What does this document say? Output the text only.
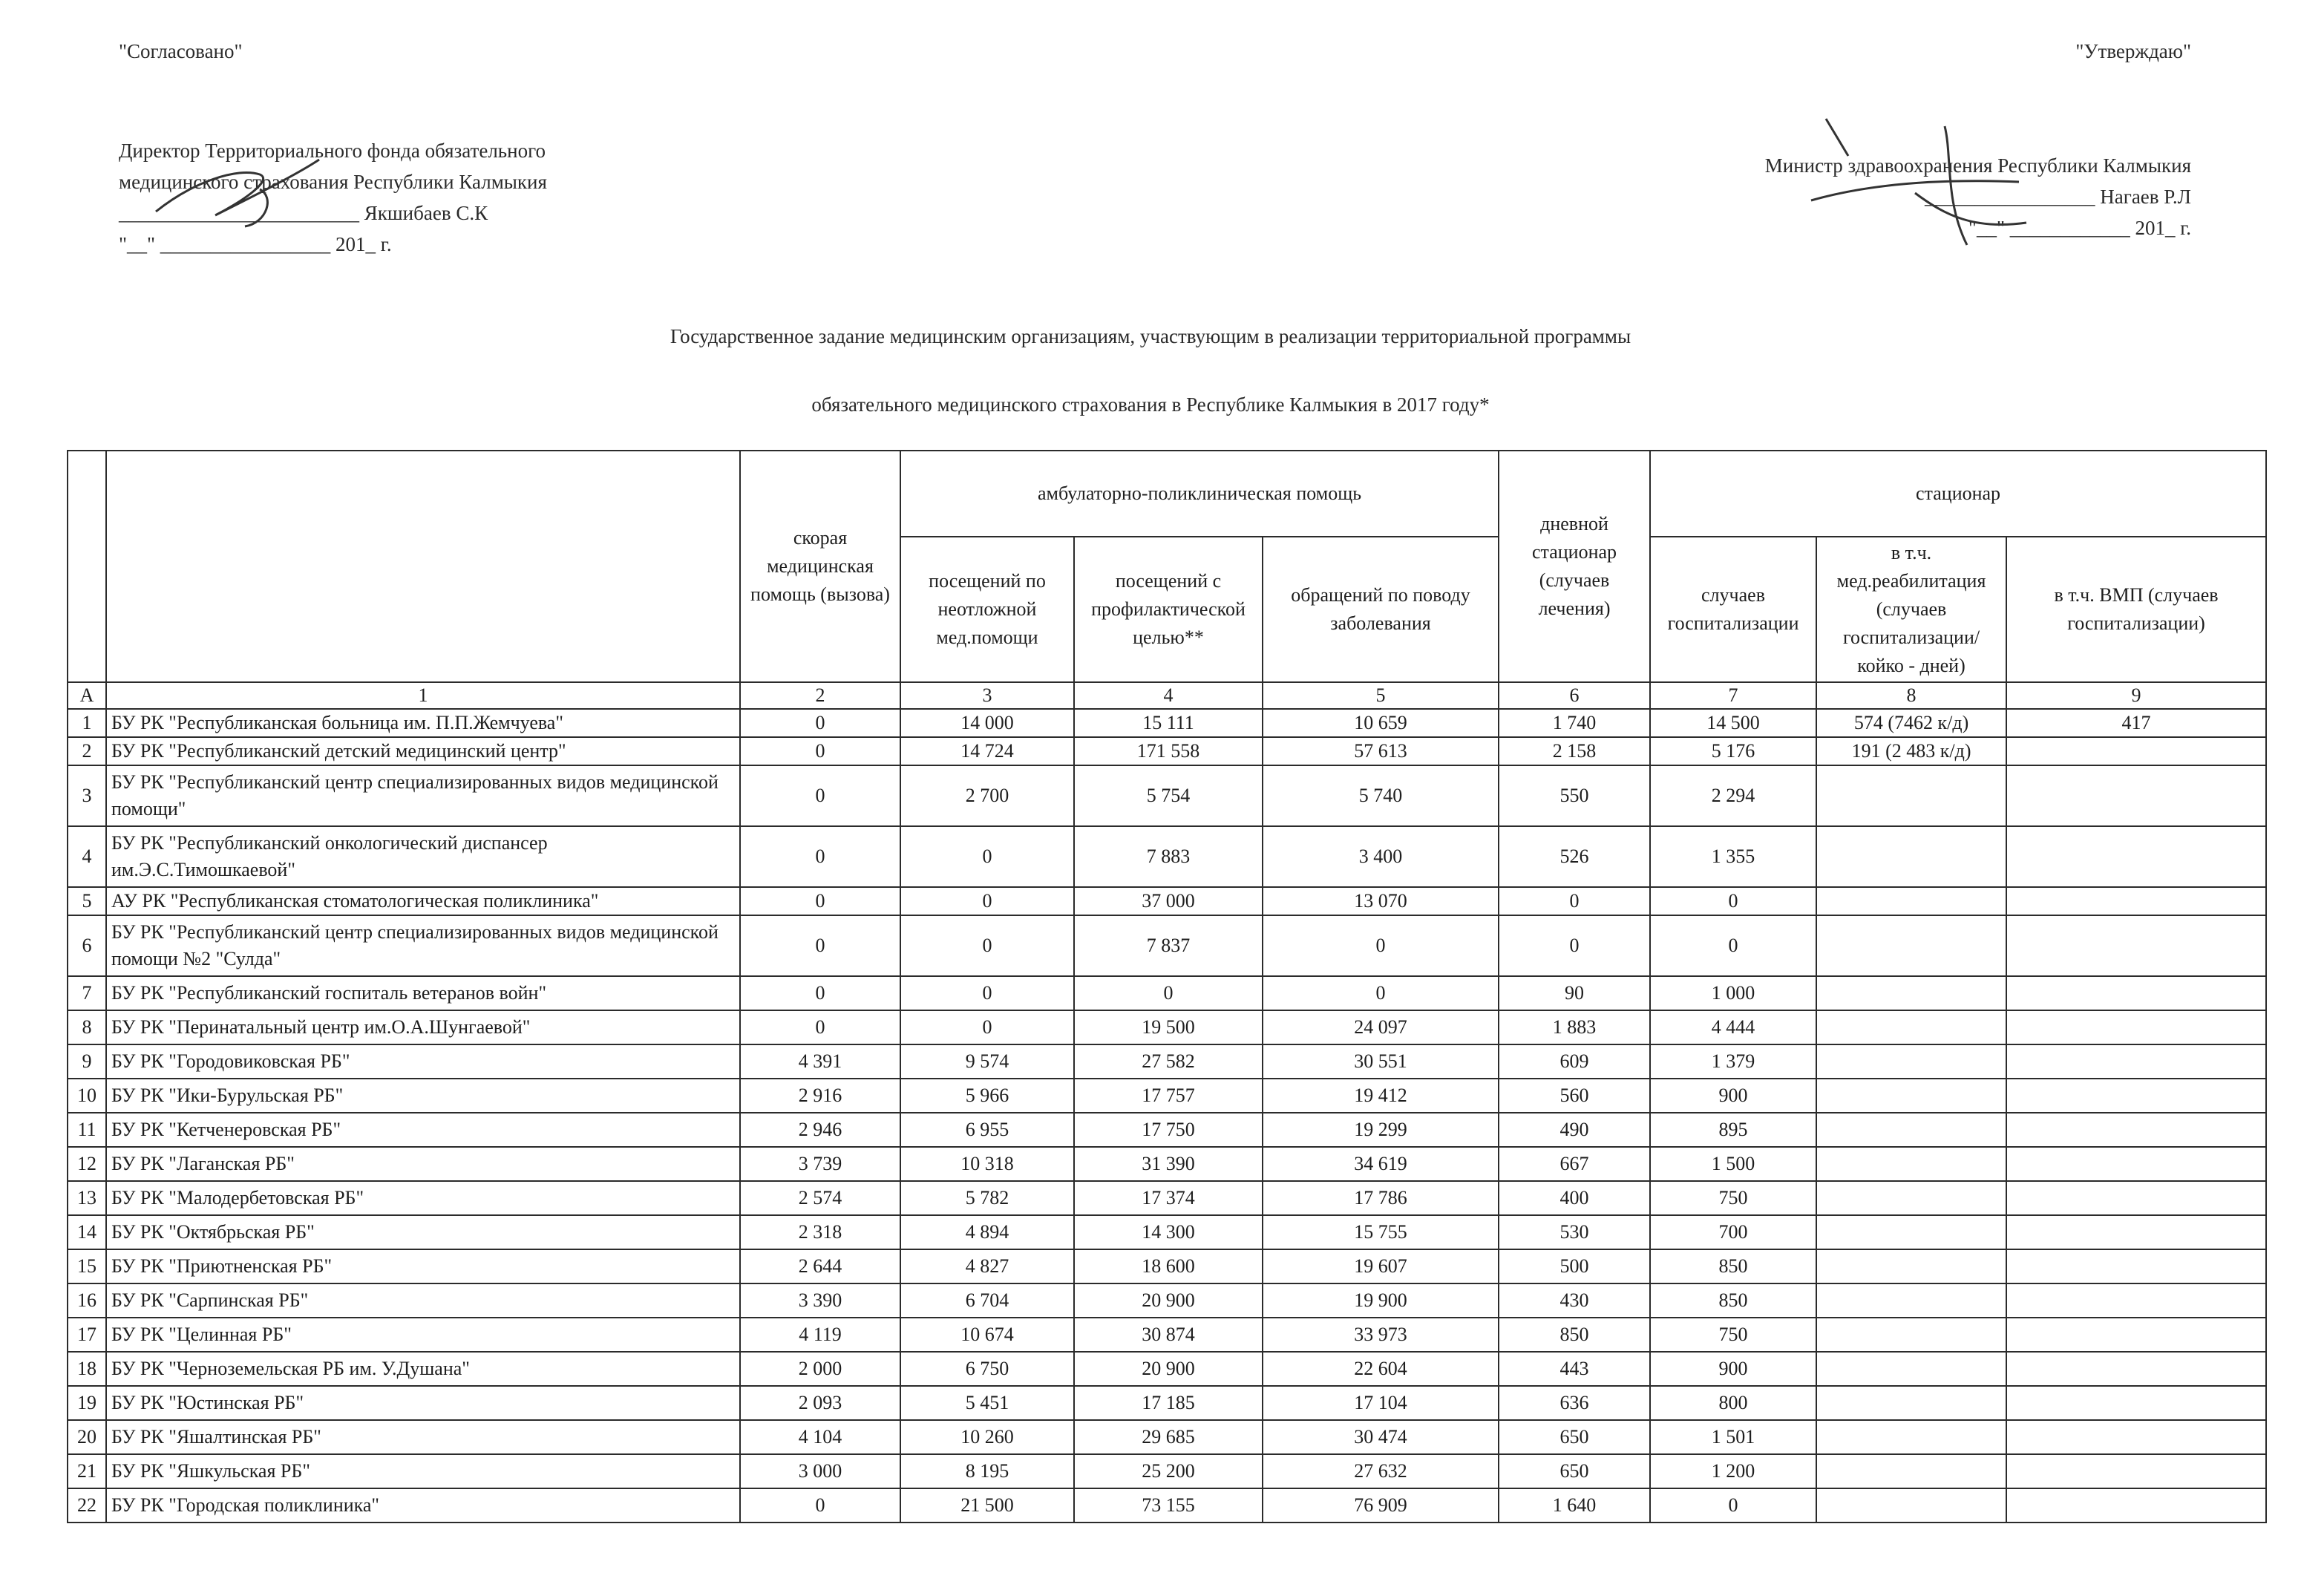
"Согласовано"	"Утверждаю"
Директор Территориального фонда обязательного
медицинского страхования Республики Калмыкия
________________________ Якшибаев С.К
"__" _________________ 201_ г.
Министр здравоохранения Республики Калмыкия
_________________ Нагаев Р.Л
"__" ____________ 201_ г.
Государственное задание медицинским организациям, участвующим в реализации территориальной программы
обязательного медицинского страхования в Республике Калмыкия в 2017 году*
		скорая медицинская помощь (вызова)	амбулаторно-поликлиническая помощь			дневной стационар (случаев лечения)	стационар		
			посещений по неотложной мед.помощи	посещений с профилактической целью**	обращений по поводу заболевания		случаев госпитализации	в т.ч. мед.реабилитация (случаев госпитализации/ койко - дней)	в т.ч. ВМП (случаев госпитализации)
А	1	2	3	4	5	6	7	8	9
1	БУ РК "Республиканская больница им. П.П.Жемчуева"	0	14 000	15 111	10 659	1 740	14 500	574 (7462 к/д)	417
2	БУ РК "Республиканский детский медицинский центр"	0	14 724	171 558	57 613	2 158	5 176	191 (2 483 к/д)	
3	БУ РК "Республиканский центр специализированных видов медицинской помощи"	0	2 700	5 754	5 740	550	2 294		
4	БУ РК "Республиканский онкологический диспансер им.Э.С.Тимошкаевой"	0	0	7 883	3 400	526	1 355		
5	АУ РК "Республиканская стоматологическая поликлиника"	0	0	37 000	13 070	0	0		
6	БУ РК "Республиканский центр специализированных видов медицинской помощи №2 "Сулда"	0	0	7 837	0	0	0		
7	БУ РК "Республиканский госпиталь ветеранов войн"	0	0	0	0	90	1 000		
8	БУ РК "Перинатальный центр им.О.А.Шунгаевой"	0	0	19 500	24 097	1 883	4 444		
9	БУ РК "Городовиковская РБ"	4 391	9 574	27 582	30 551	609	1 379		
10	БУ РК "Ики-Бурульская РБ"	2 916	5 966	17 757	19 412	560	900		
11	БУ РК "Кетченеровская РБ"	2 946	6 955	17 750	19 299	490	895		
12	БУ РК "Лаганская РБ"	3 739	10 318	31 390	34 619	667	1 500		
13	БУ РК "Малодербетовская РБ"	2 574	5 782	17 374	17 786	400	750		
14	БУ РК "Октябрьская РБ"	2 318	4 894	14 300	15 755	530	700		
15	БУ РК "Приютненская РБ"	2 644	4 827	18 600	19 607	500	850		
16	БУ РК "Сарпинская РБ"	3 390	6 704	20 900	19 900	430	850		
17	БУ РК "Целинная РБ"	4 119	10 674	30 874	33 973	850	750		
18	БУ РК "Черноземельская РБ им. У.Душана"	2 000	6 750	20 900	22 604	443	900		
19	БУ РК "Юстинская РБ"	2 093	5 451	17 185	17 104	636	800		
20	БУ РК "Яшалтинская РБ"	4 104	10 260	29 685	30 474	650	1 501		
21	БУ РК "Яшкульская РБ"	3 000	8 195	25 200	27 632	650	1 200		
22	БУ РК "Городская поликлиника"	0	21 500	73 155	76 909	1 640	0		
